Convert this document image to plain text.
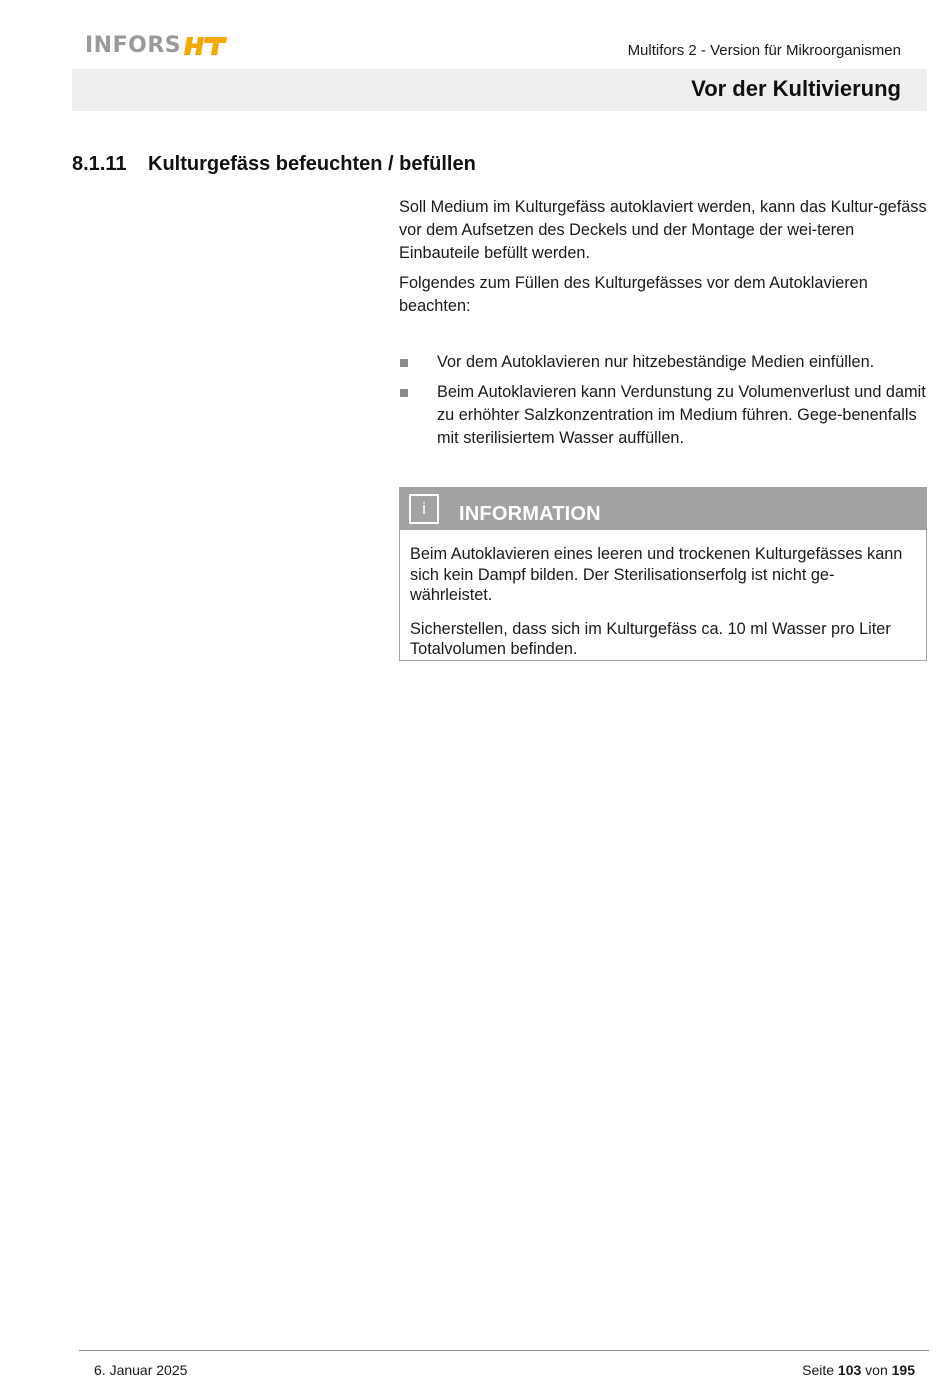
INFORS	Multifors 2 - Version für Mikroorganismen
Vor der Kultivierung
8.1.11 Kulturgefäss befeuchten / befüllen

Soll Medium im Kulturgefäss autoklaviert werden, kann das Kultur-gefäss vor dem Aufsetzen des Deckels und der Montage der wei-teren Einbauteile befüllt werden.

Folgendes zum Füllen des Kulturgefässes vor dem Autoklavieren beachten:

Vor dem Autoklavieren nur hitzebeständige Medien einfüllen.
Beim Autoklavieren kann Verdunstung zu Volumenverlust und damit zu erhöhter Salzkonzentration im Medium führen. Gege-benenfalls mit sterilisiertem Wasser auffüllen.
i	INFORMATION

Beim Autoklavieren eines leeren und trockenen Kulturgefässes kann sich kein Dampf bilden. Der Sterilisationserfolg ist nicht ge-währleistet.

Sicherstellen, dass sich im Kulturgefäss ca. 10 ml Wasser pro Liter Totalvolumen befinden.

6. Januar 2025	Seite 103 von 195
